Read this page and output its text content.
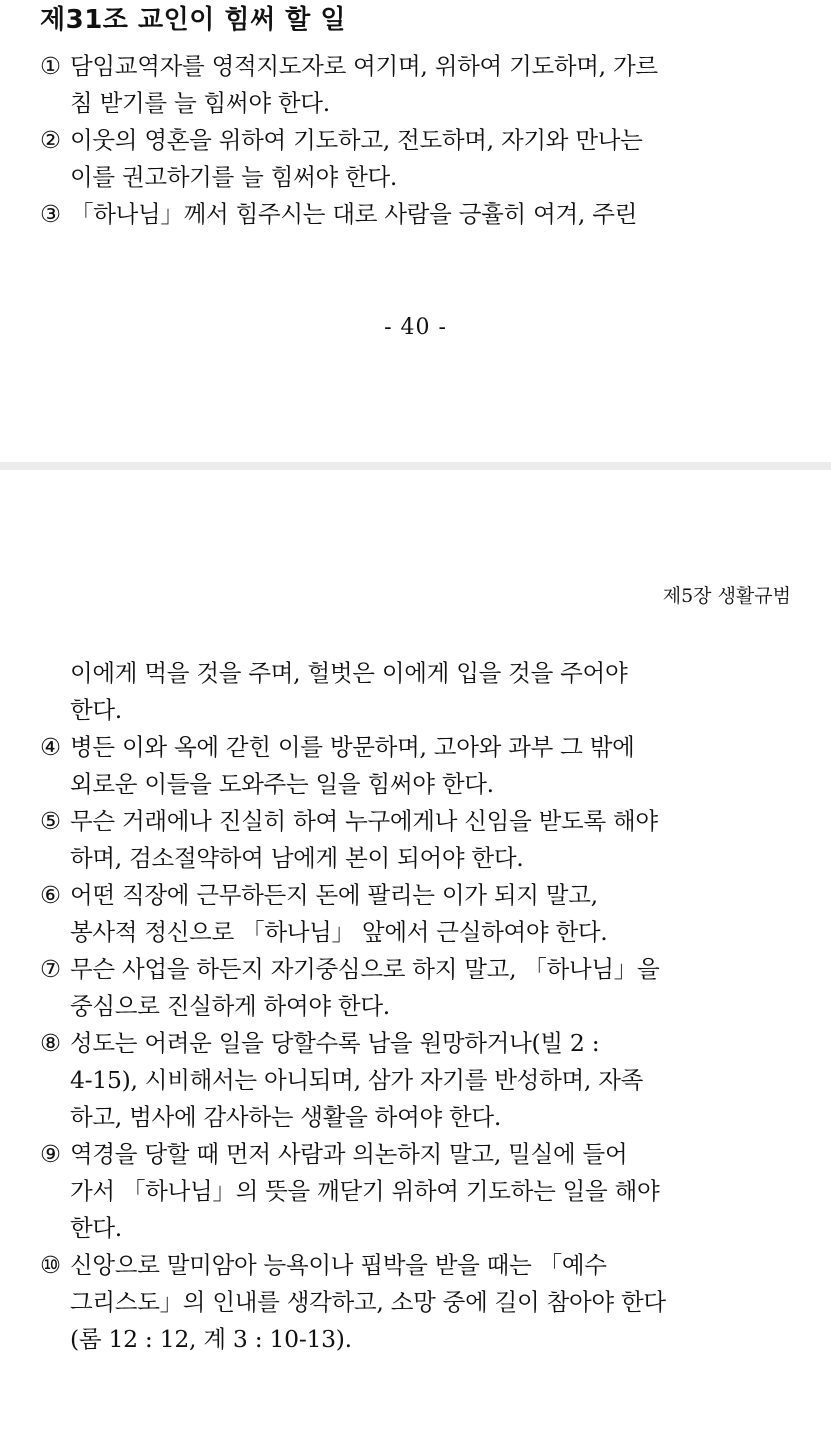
제31조 교인이 힘써 할 일
① 담임교역자를 영적지도자로 여기며, 위하여 기도하며, 가르
침 받기를 늘 힘써야 한다.
② 이웃의 영혼을 위하여 기도하고, 전도하며, 자기와 만나는
이를 권고하기를 늘 힘써야 한다.
③ 「하나님」께서 힘주시는 대로 사람을 긍휼히 여겨, 주린
- 40 -
제5장 생활규범
이에게 먹을 것을 주며, 헐벗은 이에게 입을 것을 주어야
한다.
④ 병든 이와 옥에 갇힌 이를 방문하며, 고아와 과부 그 밖에
외로운 이들을 도와주는 일을 힘써야 한다.
⑤ 무슨 거래에나 진실히 하여 누구에게나 신임을 받도록 해야
하며, 검소절약하여 남에게 본이 되어야 한다.
⑥ 어떤 직장에 근무하든지 돈에 팔리는 이가 되지 말고,
봉사적 정신으로 「하나님」 앞에서 근실하여야 한다.
⑦ 무슨 사업을 하든지 자기중심으로 하지 말고, 「하나님」을
중심으로 진실하게 하여야 한다.
⑧ 성도는 어려운 일을 당할수록 남을 원망하거나(빌 2 :
4-15), 시비해서는 아니되며, 삼가 자기를 반성하며, 자족
하고, 범사에 감사하는 생활을 하여야 한다.
⑨ 역경을 당할 때 먼저 사람과 의논하지 말고, 밀실에 들어
가서 「하나님」의 뜻을 깨닫기 위하여 기도하는 일을 해야
한다.
⑩ 신앙으로 말미암아 능욕이나 핍박을 받을 때는 「예수
그리스도」의 인내를 생각하고, 소망 중에 길이 참아야 한다
(롬 12 : 12, 계 3 : 10-13).
